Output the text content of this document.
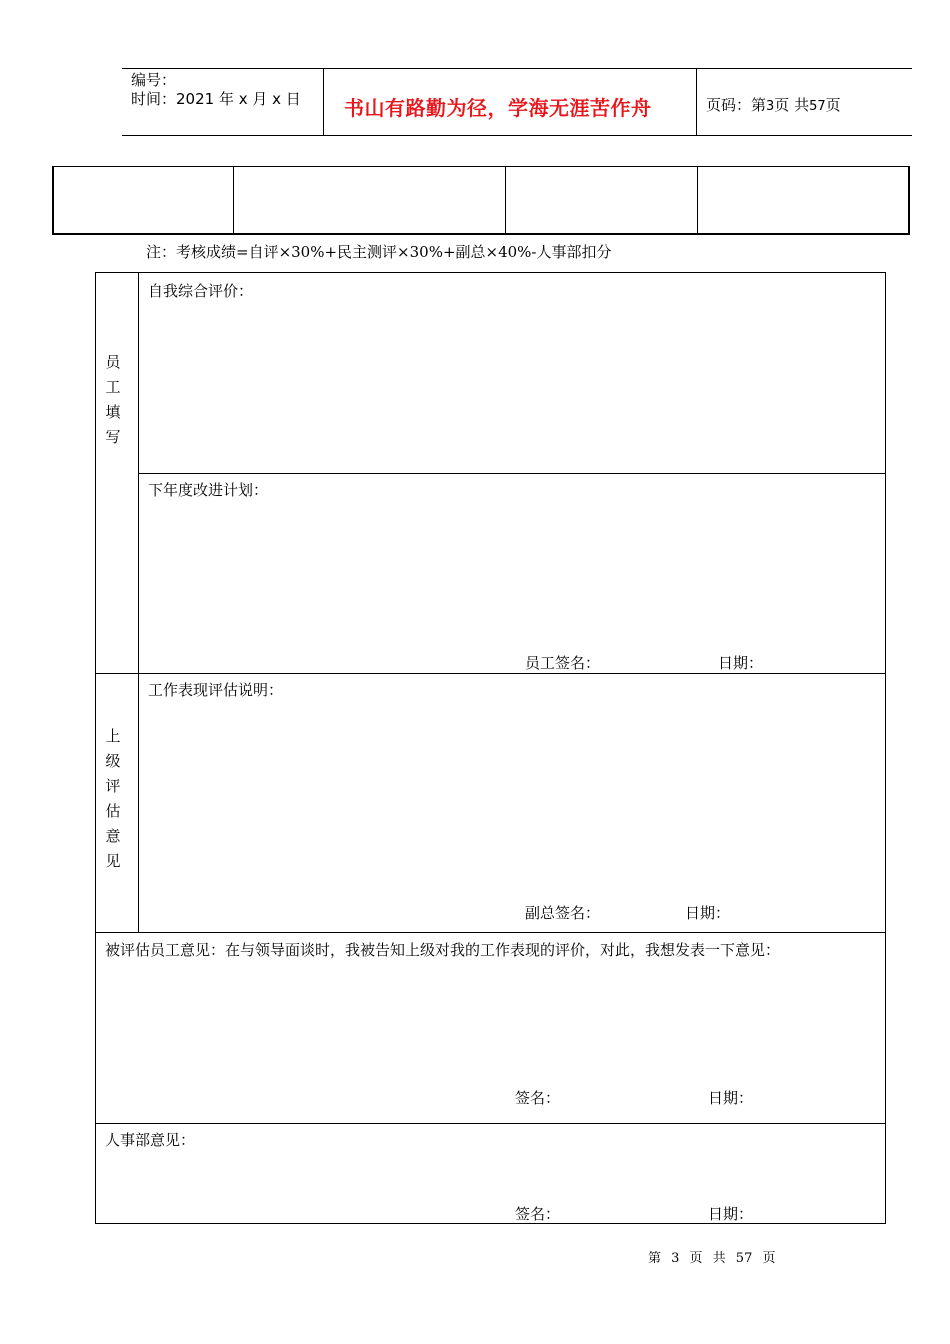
编号：
时间：2021 年 x 月 x 日 书山有路勤为径，学海无涯苦作舟	页码：第3页 共57页
注：考核成绩=自评×30%+民主测评×30%+副总×40%-人事部扣分
员
工
填
写
自我综合评价：
下年度改进计划：
员工签名：	日期：
上
级
评
估
意
见
工作表现评估说明：
副总签名：	日期：
被评估员工意见：在与领导面谈时，我被告知上级对我的工作表现的评价，对此，我想发表一下意见：
签名：	日期：
人事部意见：
签名：	日期：
第 3 页 共 57 页
